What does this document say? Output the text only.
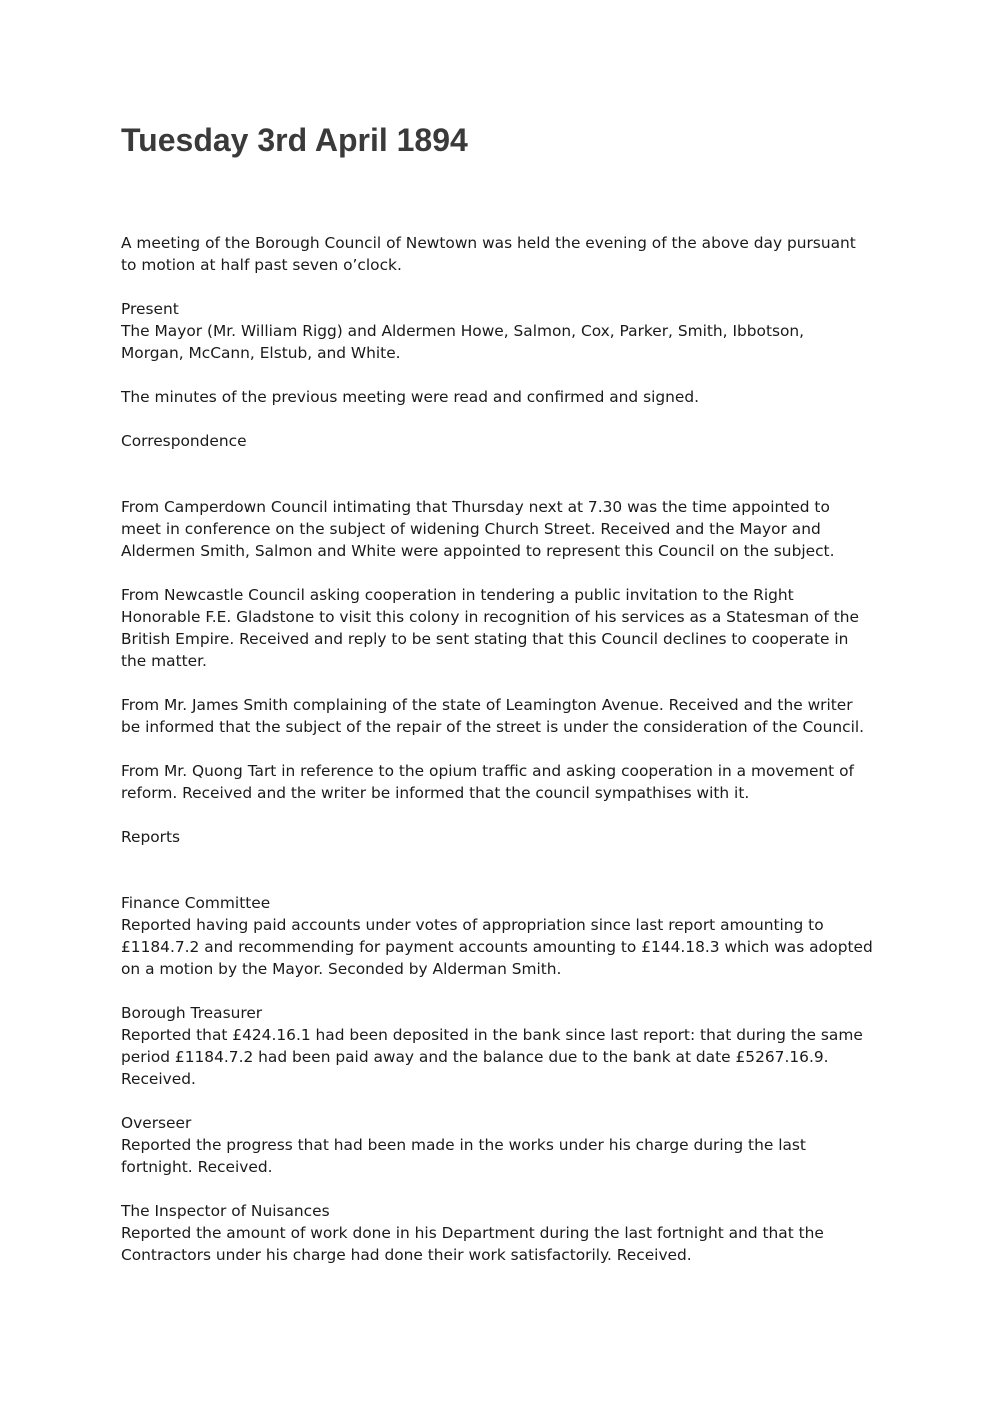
Tuesday 3rd April 1894

A meeting of the Borough Council of Newtown was held the evening of the above day pursuant
to motion at half past seven o’clock.

Present
The Mayor (Mr. William Rigg) and Aldermen Howe, Salmon, Cox, Parker, Smith, Ibbotson,
Morgan, McCann, Elstub, and White.

The minutes of the previous meeting were read and confirmed and signed.

Correspondence

From Camperdown Council intimating that Thursday next at 7.30 was the time appointed to
meet in conference on the subject of widening Church Street. Received and the Mayor and
Aldermen Smith, Salmon and White were appointed to represent this Council on the subject.

From Newcastle Council asking cooperation in tendering a public invitation to the Right
Honorable F.E. Gladstone to visit this colony in recognition of his services as a Statesman of the
British Empire. Received and reply to be sent stating that this Council declines to cooperate in
the matter.

From Mr. James Smith complaining of the state of Leamington Avenue. Received and the writer
be informed that the subject of the repair of the street is under the consideration of the Council.

From Mr. Quong Tart in reference to the opium traffic and asking cooperation in a movement of
reform. Received and the writer be informed that the council sympathises with it.

Reports

Finance Committee
Reported having paid accounts under votes of appropriation since last report amounting to
£1184.7.2 and recommending for payment accounts amounting to £144.18.3 which was adopted
on a motion by the Mayor. Seconded by Alderman Smith.

Borough Treasurer
Reported that £424.16.1 had been deposited in the bank since last report: that during the same
period £1184.7.2 had been paid away and the balance due to the bank at date £5267.16.9.
Received.

Overseer
Reported the progress that had been made in the works under his charge during the last
fortnight. Received.

The Inspector of Nuisances
Reported the amount of work done in his Department during the last fortnight and that the
Contractors under his charge had done their work satisfactorily. Received.
